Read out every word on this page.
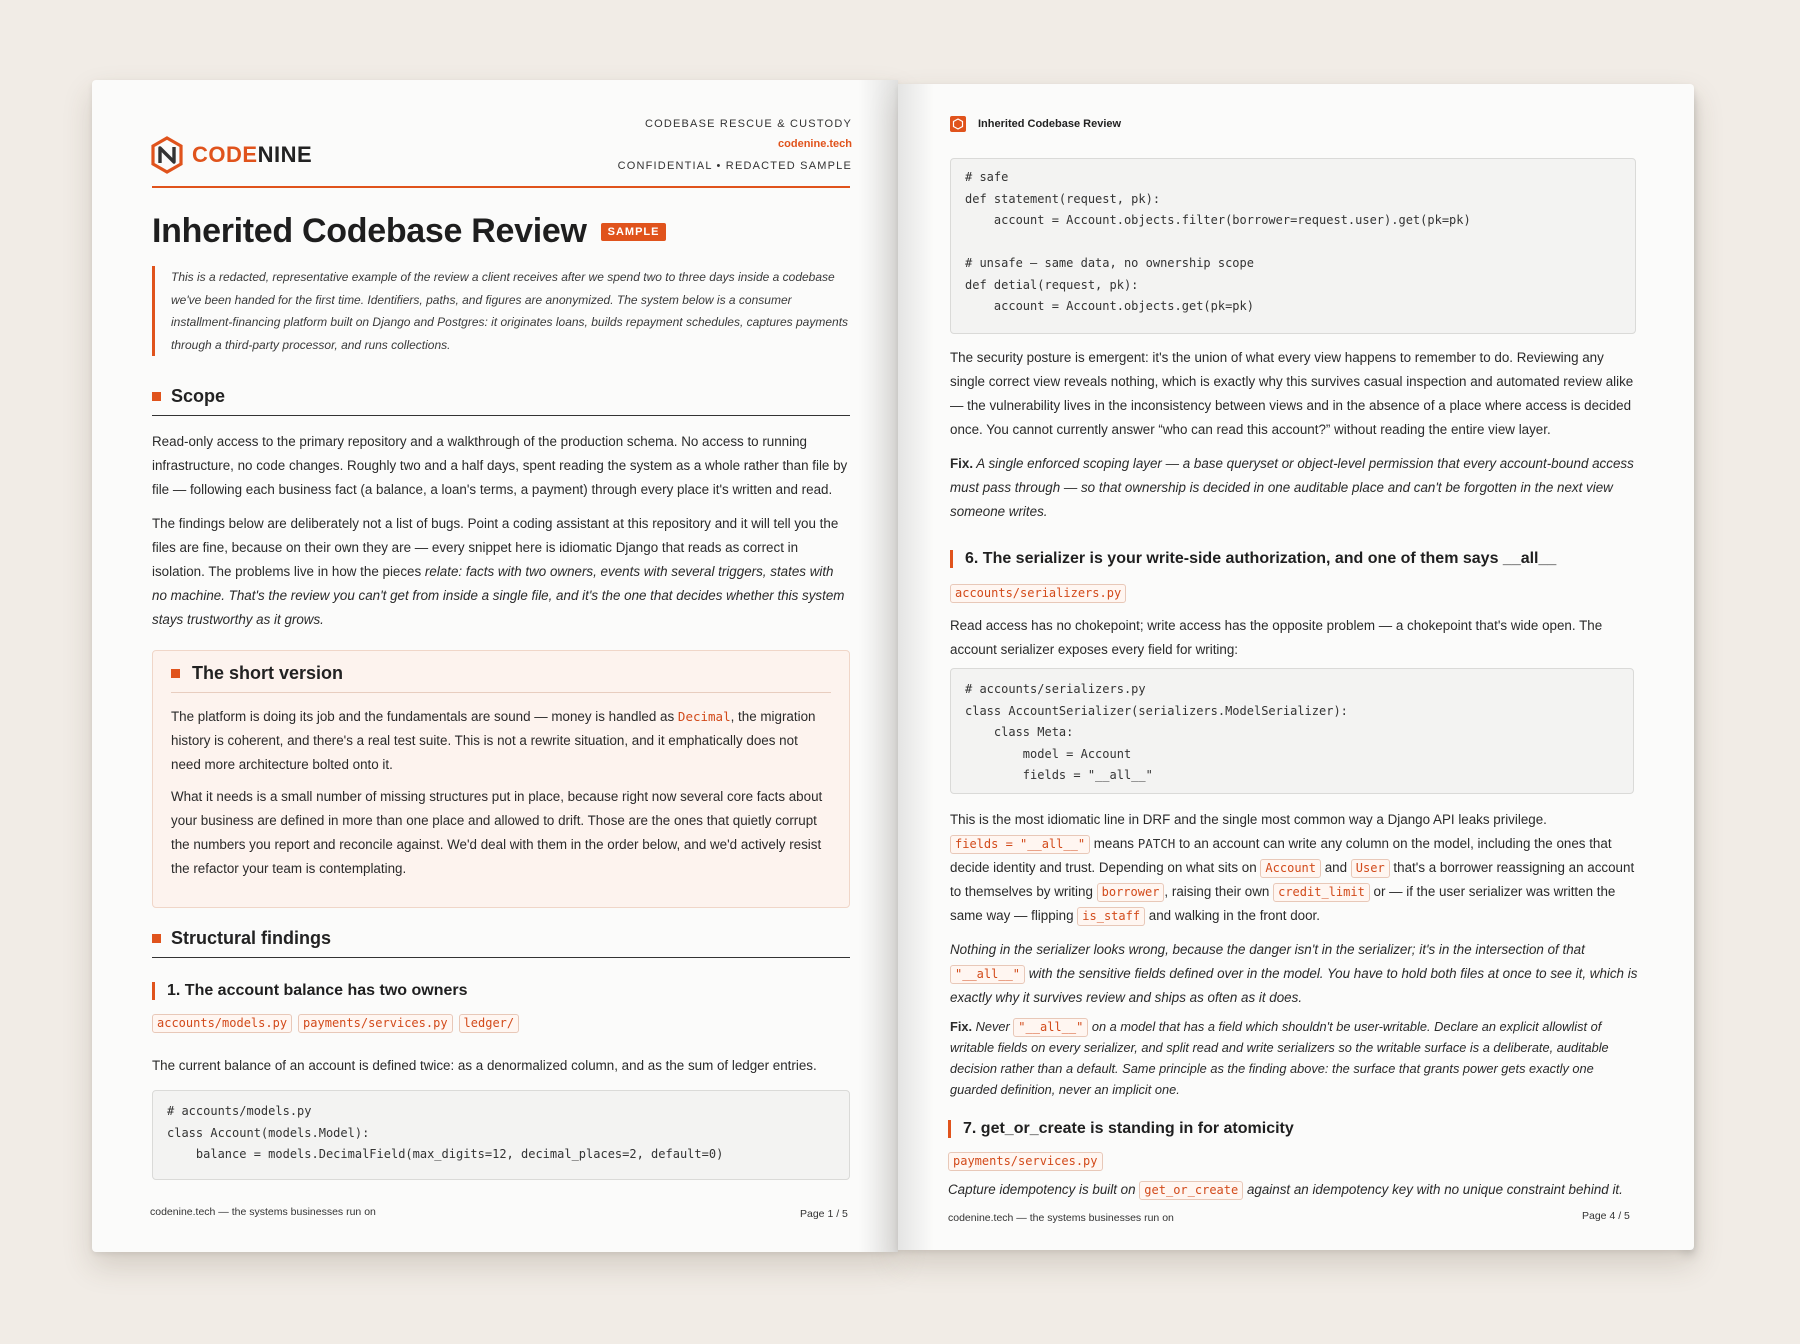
CODENINE
CODEBASE RESCUE & CUSTODY
codenine.tech
CONFIDENTIAL • REDACTED SAMPLE
Inherited Codebase Review	SAMPLE

This is a redacted, representative example of the review a client receives after we spend two to three days inside a codebase we've been handed for the first time. Identifiers, paths, and figures are anonymized. The system below is a consumer installment-financing platform built on Django and Postgres: it originates loans, builds repayment schedules, captures payments through a third-party processor, and runs collections.

Scope

Read-only access to the primary repository and a walkthrough of the production schema. No access to running infrastructure, no code changes. Roughly two and a half days, spent reading the system as a whole rather than file by file — following each business fact (a balance, a loan's terms, a payment) through every place it's written and read.

The findings below are deliberately not a list of bugs. Point a coding assistant at this repository and it will tell you the files are fine, because on their own they are — every snippet here is idiomatic Django that reads as correct in isolation. The problems live in how the pieces relate: facts with two owners, events with several triggers, states with no machine. That's the review you can't get from inside a single file, and it's the one that decides whether this system stays trustworthy as it grows.

The short version

The platform is doing its job and the fundamentals are sound — money is handled as Decimal, the migration history is coherent, and there's a real test suite. This is not a rewrite situation, and it emphatically does not need more architecture bolted onto it.

What it needs is a small number of missing structures put in place, because right now several core facts about your business are defined in more than one place and allowed to drift. Those are the ones that quietly corrupt the numbers you report and reconcile against. We'd deal with them in the order below, and we'd actively resist the refactor your team is contemplating.

Structural findings
1. The account balance has two owners
accounts/models.py	payments/services.py	ledger/

The current balance of an account is defined twice: as a denormalized column, and as the sum of ledger entries.

# accounts/models.py
class Account(models.Model):
balance = models.DecimalField(max_digits=12, decimal_places=2, default=0)
codenine.tech — the systems businesses run on	Page 1 / 5
Inherited Codebase Review
# safe
def statement(request, pk):
account = Account.objects.filter(borrower=request.user).get(pk=pk)

# unsafe — same data, no ownership scope
def detial(request, pk):
account = Account.objects.get(pk=pk)

The security posture is emergent: it's the union of what every view happens to remember to do. Reviewing any single correct view reveals nothing, which is exactly why this survives casual inspection and automated review alike — the vulnerability lives in the inconsistency between views and in the absence of a place where access is decided once. You cannot currently answer “who can read this account?” without reading the entire view layer.

Fix. A single enforced scoping layer — a base queryset or object-level permission that every account-bound access must pass through — so that ownership is decided in one auditable place and can't be forgotten in the next view someone writes.

6. The serializer is your write-side authorization, and one of them says __all__
accounts/serializers.py

Read access has no chokepoint; write access has the opposite problem — a chokepoint that's wide open. The account serializer exposes every field for writing:

# accounts/serializers.py
class AccountSerializer(serializers.ModelSerializer):
class Meta:
model = Account
fields = "__all__"

This is the most idiomatic line in DRF and the single most common way a Django API leaks privilege. fields = "__all__" means PATCH to an account can write any column on the model, including the ones that decide identity and trust. Depending on what sits on Account and User that's a borrower reassigning an account to themselves by writing borrower , raising their own credit_limit or — if the user serializer was written the same way — flipping is_staff and walking in the front door.

Nothing in the serializer looks wrong, because the danger isn't in the serializer; it's in the intersection of that "__all__" with the sensitive fields defined over in the model. You have to hold both files at once to see it, which is exactly why it survives review and ships as often as it does.

Fix. Never "__all__" on a model that has a field which shouldn't be user-writable. Declare an explicit allowlist of writable fields on every serializer, and split read and write serializers so the writable surface is a deliberate, auditable decision rather than a default. Same principle as the finding above: the surface that grants power gets exactly one guarded definition, never an implicit one.

7. get_or_create is standing in for atomicity
payments/services.py

Capture idempotency is built on get_or_create against an idempotency key with no unique constraint behind it.

codenine.tech — the systems businesses run on	Page 4 / 5
